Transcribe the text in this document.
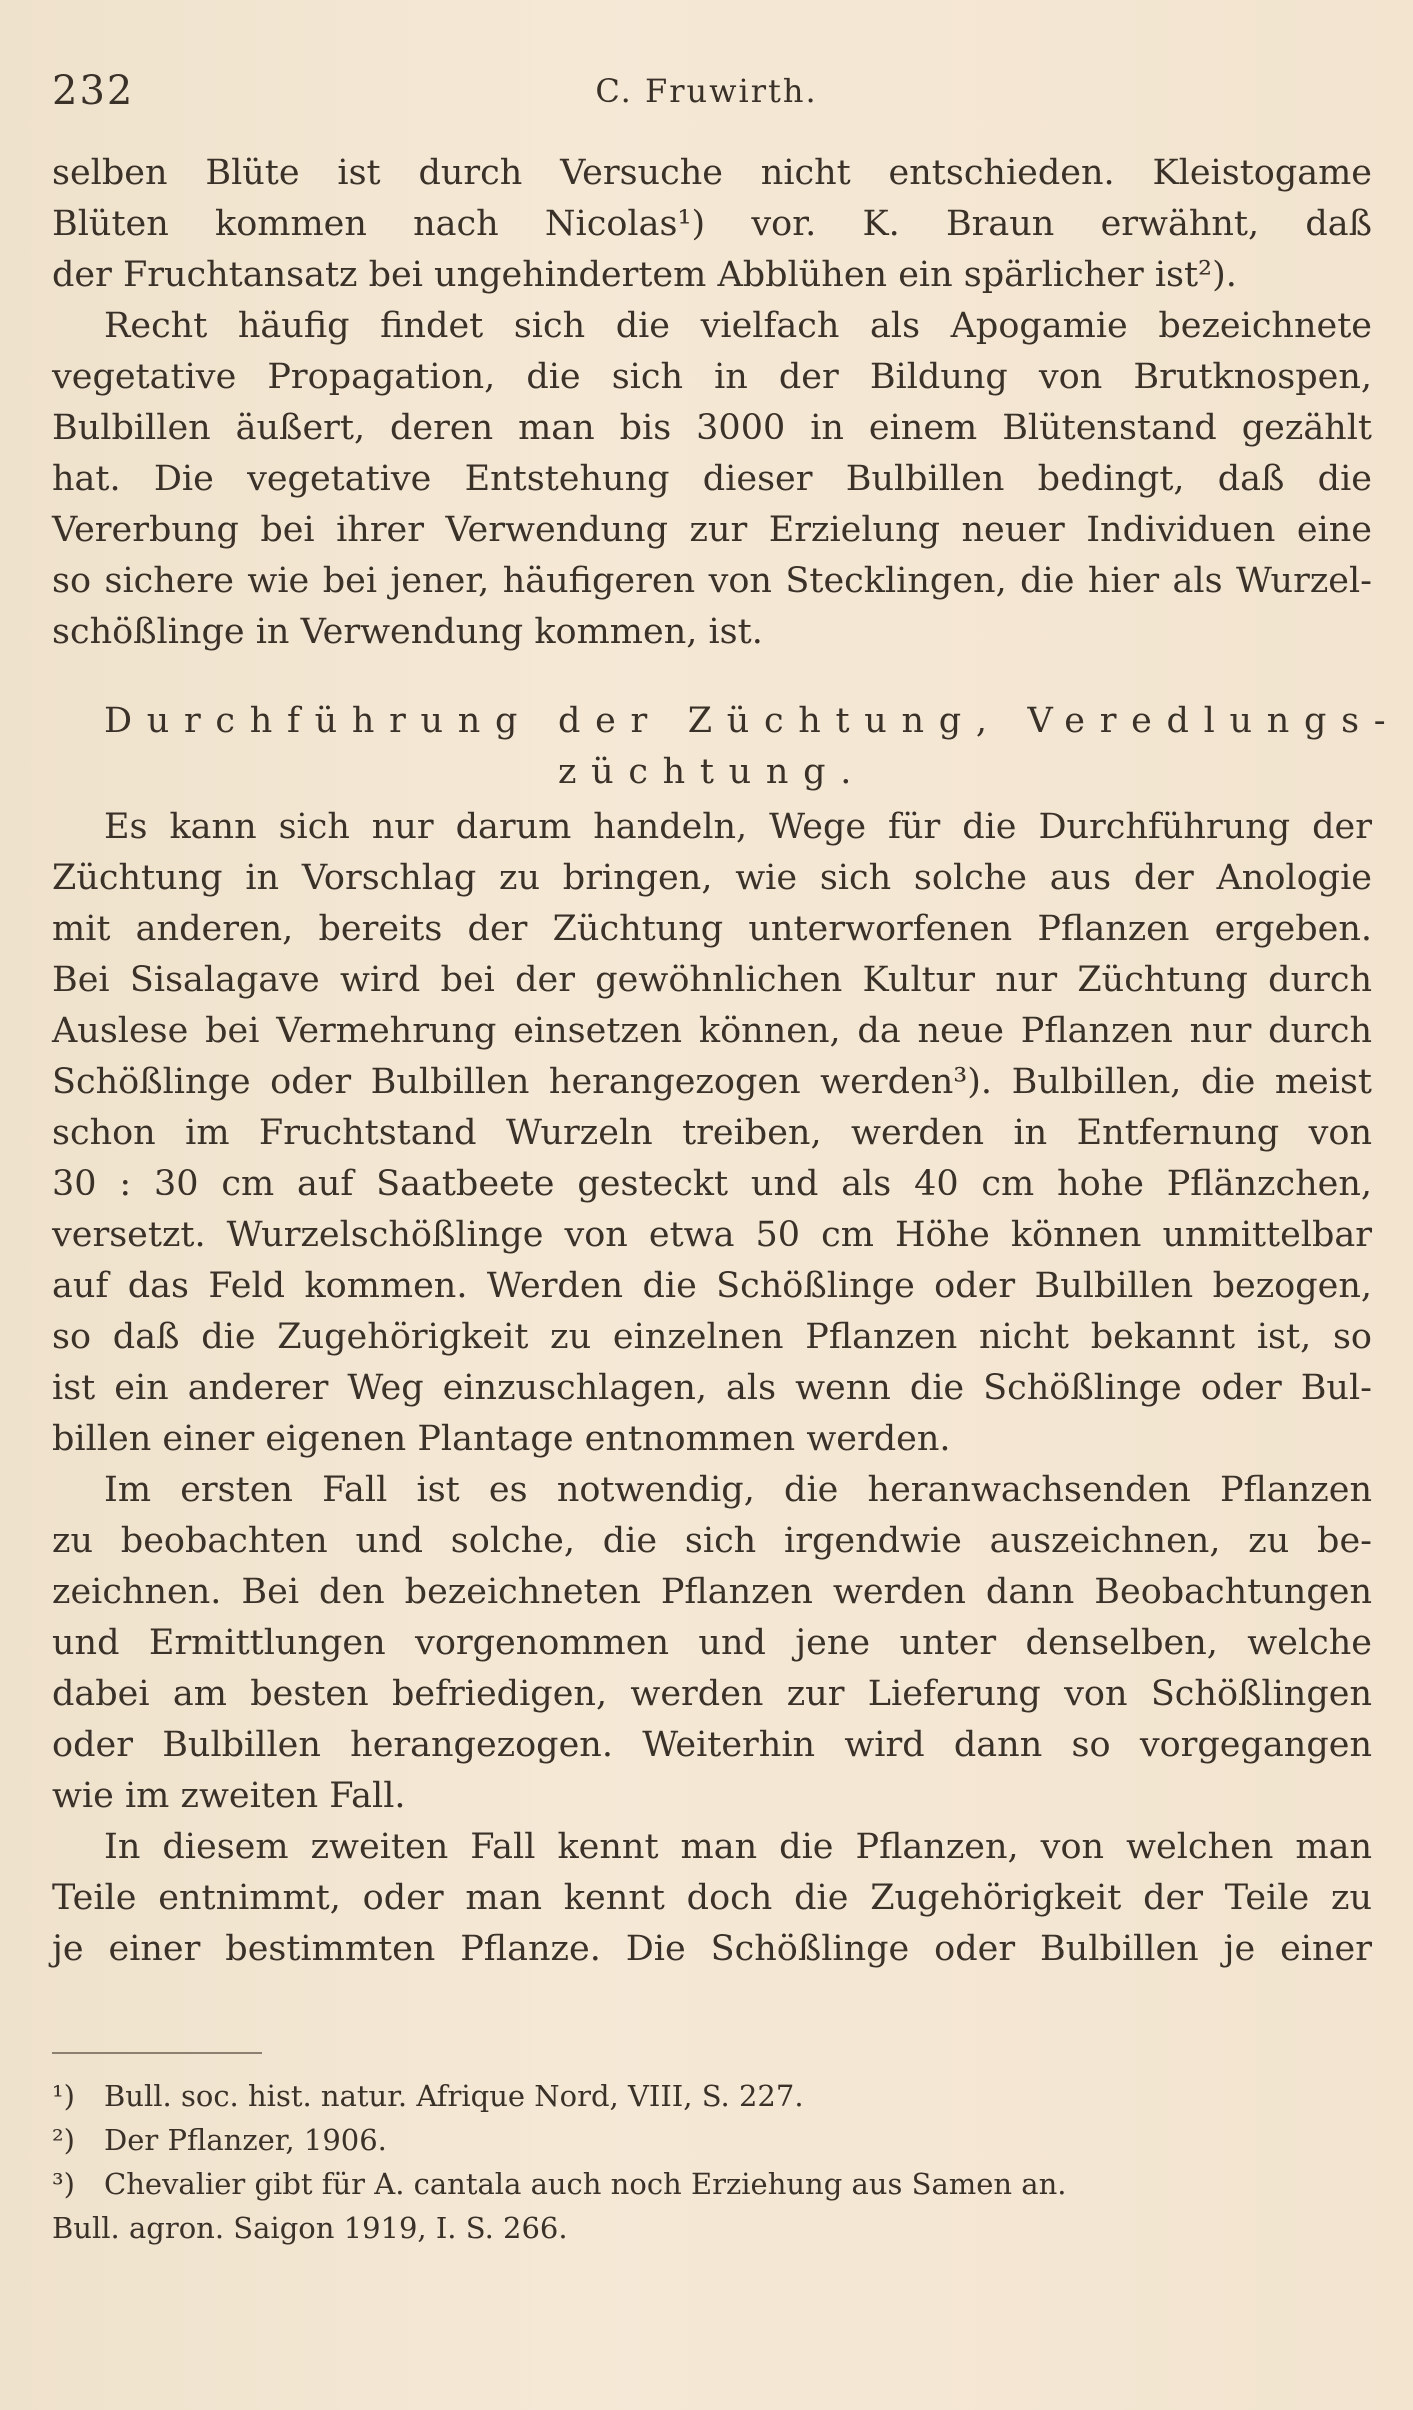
232	C. Fruwirth.
selben Blüte ist durch Versuche nicht entschieden. Kleistogame
Blüten kommen nach Nicolas¹) vor. K. Braun erwähnt, daß
der Fruchtansatz bei ungehindertem Abblühen ein spärlicher ist²).
Recht häufig findet sich die vielfach als Apogamie bezeichnete
vegetative Propagation, die sich in der Bildung von Brutknospen,
Bulbillen äußert, deren man bis 3000 in einem Blütenstand gezählt
hat. Die vegetative Entstehung dieser Bulbillen bedingt, daß die
Vererbung bei ihrer Verwendung zur Erzielung neuer Individuen eine
so sichere wie bei jener, häufigeren von Stecklingen, die hier als Wurzel-
schößlinge in Verwendung kommen, ist.
Durchführung der Züchtung, Veredlungs-
züchtung.
Es kann sich nur darum handeln, Wege für die Durchführung der
Züchtung in Vorschlag zu bringen, wie sich solche aus der Anologie
mit anderen, bereits der Züchtung unterworfenen Pflanzen ergeben.
Bei Sisalagave wird bei der gewöhnlichen Kultur nur Züchtung durch
Auslese bei Vermehrung einsetzen können, da neue Pflanzen nur durch
Schößlinge oder Bulbillen herangezogen werden³). Bulbillen, die meist
schon im Fruchtstand Wurzeln treiben, werden in Entfernung von
30 : 30 cm auf Saatbeete gesteckt und als 40 cm hohe Pflänzchen,
versetzt. Wurzelschößlinge von etwa 50 cm Höhe können unmittelbar
auf das Feld kommen. Werden die Schößlinge oder Bulbillen bezogen,
so daß die Zugehörigkeit zu einzelnen Pflanzen nicht bekannt ist, so
ist ein anderer Weg einzuschlagen, als wenn die Schößlinge oder Bul-
billen einer eigenen Plantage entnommen werden.
Im ersten Fall ist es notwendig, die heranwachsenden Pflanzen
zu beobachten und solche, die sich irgendwie auszeichnen, zu be-
zeichnen. Bei den bezeichneten Pflanzen werden dann Beobachtungen
und Ermittlungen vorgenommen und jene unter denselben, welche
dabei am besten befriedigen, werden zur Lieferung von Schößlingen
oder Bulbillen herangezogen. Weiterhin wird dann so vorgegangen
wie im zweiten Fall.
In diesem zweiten Fall kennt man die Pflanzen, von welchen man
Teile entnimmt, oder man kennt doch die Zugehörigkeit der Teile zu
je einer bestimmten Pflanze. Die Schößlinge oder Bulbillen je einer
¹) Bull. soc. hist. natur. Afrique Nord, VIII, S. 227.
²) Der Pflanzer, 1906.
³) Chevalier gibt für A. cantala auch noch Erziehung aus Samen an.
Bull. agron. Saigon 1919, I. S. 266.
